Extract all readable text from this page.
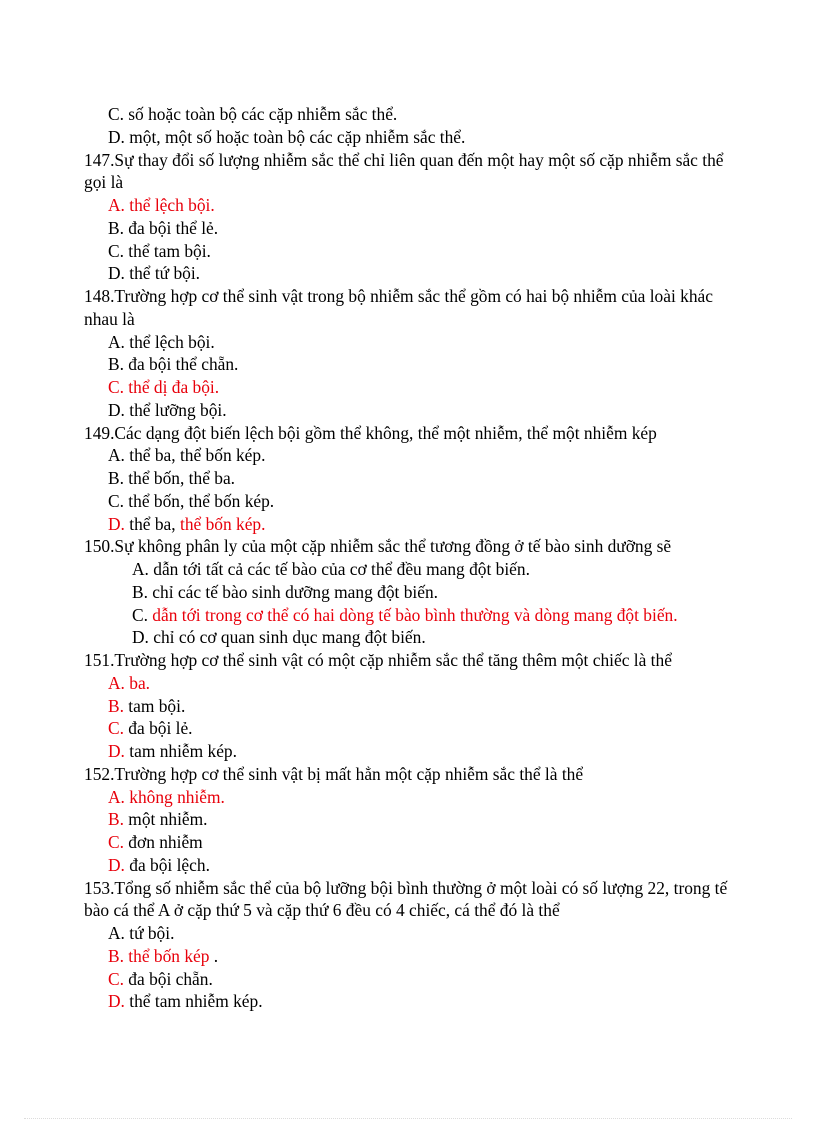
C. số hoặc toàn bộ các cặp nhiễm sắc thể.
D. một, một số hoặc toàn bộ các cặp nhiễm sắc thể.
147.Sự thay đổi số lượng nhiễm sắc thể chỉ liên quan đến một hay một số cặp nhiễm sắc thể
gọi là
A. thể lệch bội.
B. đa bội thể lẻ.
C. thể tam bội.
D. thể tứ bội.
148.Trường hợp cơ thể sinh vật trong bộ nhiễm sắc thể gồm có hai bộ nhiễm của loài khác
nhau là
A. thể lệch bội.
B. đa bội thể chẵn.
C. thể dị đa bội.
D. thể lưỡng bội.
149.Các dạng đột biến lệch bội gồm thể không, thể một nhiễm, thể một nhiễm kép
A. thể ba, thể bốn kép.
B. thể bốn, thể ba.
C. thể bốn, thể bốn kép.
D. thể ba, thể bốn kép.
150.Sự không phân ly của một cặp nhiễm sắc thể tương đồng ở tế bào sinh dưỡng sẽ
A. dẫn tới tất cả các tế bào của cơ thể đều mang đột biến.
B. chỉ các tế bào sinh dưỡng mang đột biến.
C. dẫn tới trong cơ thể có hai dòng tế bào bình thường và dòng mang đột biến.
D. chỉ có cơ quan sinh dục mang đột biến.
151.Trường hợp cơ thể sinh vật có một cặp nhiễm sắc thể tăng thêm một chiếc là thể
A. ba.
B. tam bội.
C. đa bội lẻ.
D. tam nhiễm kép.
152.Trường hợp cơ thể sinh vật bị mất hẳn một cặp nhiễm sắc thể là thể
A. không nhiễm.
B. một nhiễm.
C. đơn nhiễm
D. đa bội lệch.
153.Tổng số nhiễm sắc thể của bộ lưỡng bội bình thường ở một loài có số lượng 22, trong tế
bào cá thể A ở cặp thứ 5 và cặp thứ 6 đều có 4 chiếc, cá thể đó là thể
A. tứ bội.
B. thể bốn kép .
C. đa bội chẵn.
D. thể tam nhiễm kép.
